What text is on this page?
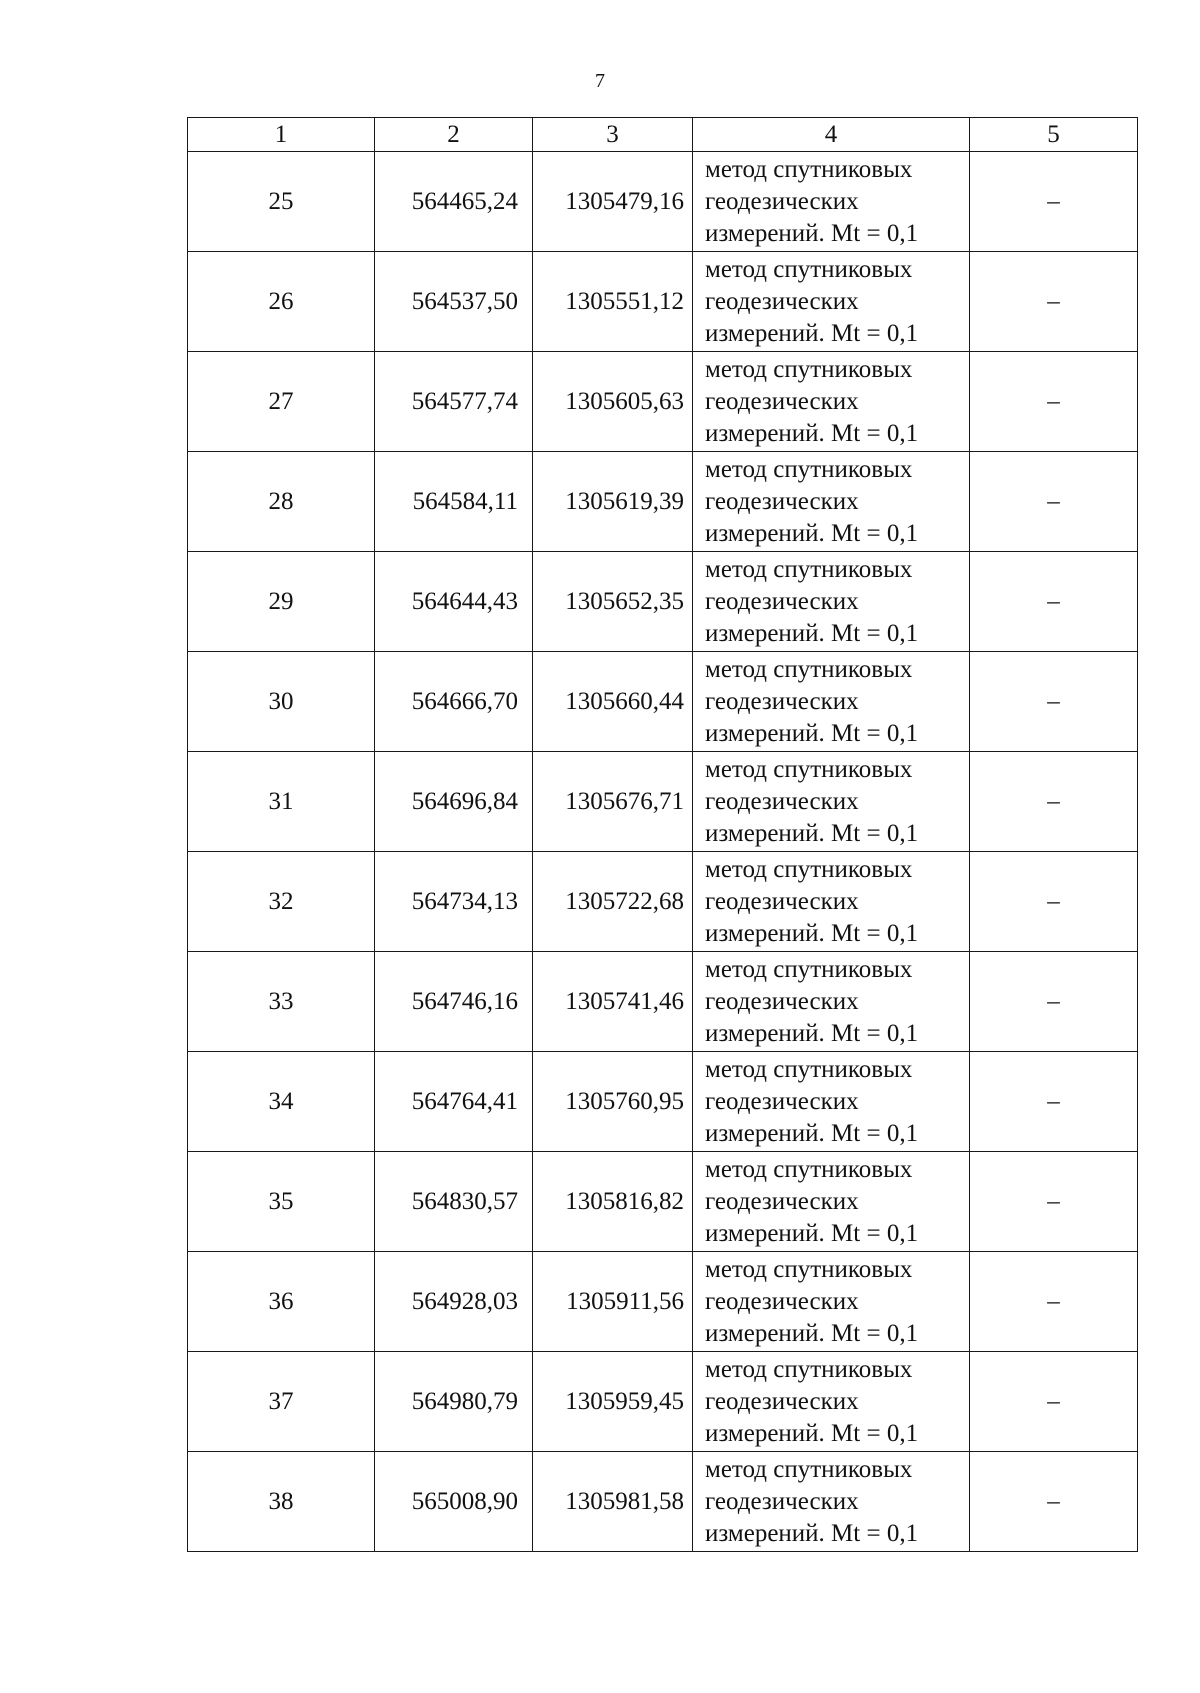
7
1	2	3	4	5
25	564465,24	1305479,16	метод спутниковых
геодезических
измерений. Mt = 0,1	–
26	564537,50	1305551,12	метод спутниковых
геодезических
измерений. Mt = 0,1	–
27	564577,74	1305605,63	метод спутниковых
геодезических
измерений. Mt = 0,1	–
28	564584,11	1305619,39	метод спутниковых
геодезических
измерений. Mt = 0,1	–
29	564644,43	1305652,35	метод спутниковых
геодезических
измерений. Mt = 0,1	–
30	564666,70	1305660,44	метод спутниковых
геодезических
измерений. Mt = 0,1	–
31	564696,84	1305676,71	метод спутниковых
геодезических
измерений. Mt = 0,1	–
32	564734,13	1305722,68	метод спутниковых
геодезических
измерений. Mt = 0,1	–
33	564746,16	1305741,46	метод спутниковых
геодезических
измерений. Mt = 0,1	–
34	564764,41	1305760,95	метод спутниковых
геодезических
измерений. Mt = 0,1	–
35	564830,57	1305816,82	метод спутниковых
геодезических
измерений. Mt = 0,1	–
36	564928,03	1305911,56	метод спутниковых
геодезических
измерений. Mt = 0,1	–
37	564980,79	1305959,45	метод спутниковых
геодезических
измерений. Mt = 0,1	–
38	565008,90	1305981,58	метод спутниковых
геодезических
измерений. Mt = 0,1	–
